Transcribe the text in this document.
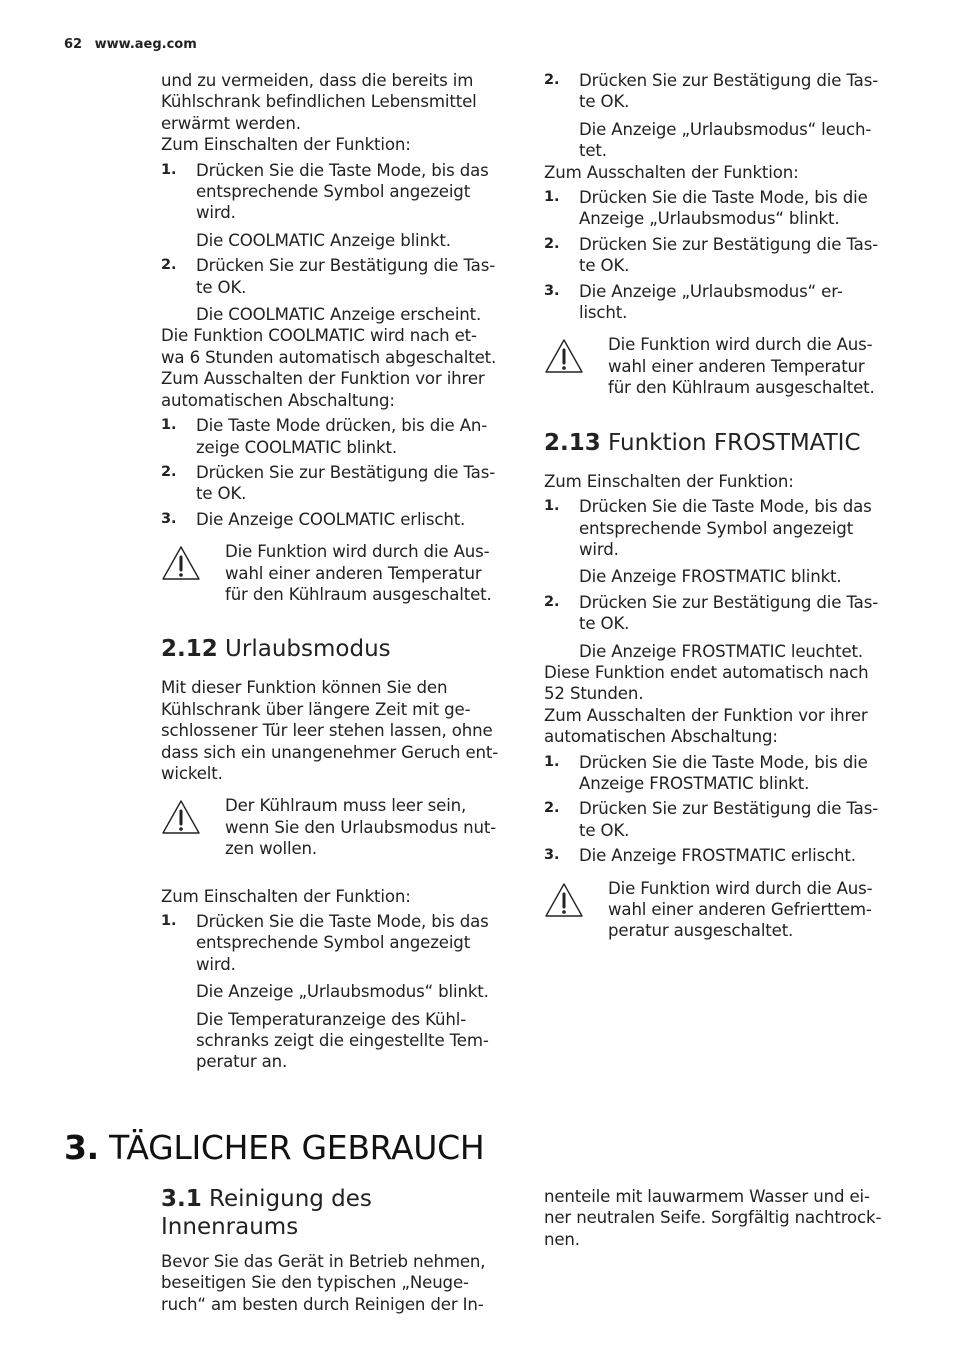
62 www.aeg.com

und zu vermeiden, dass die bereits im
Kühlschrank befindlichen Lebensmittel
erwärmt werden.
Zum Einschalten der Funktion:

1. Drücken Sie die Taste Mode, bis das
entsprechende Symbol angezeigt
wird.
Die COOLMATIC Anzeige blinkt.
2. Drücken Sie zur Bestätigung die Tas-
te OK.
Die COOLMATIC Anzeige erscheint.

Die Funktion COOLMATIC wird nach et-
wa 6 Stunden automatisch abgeschaltet.
Zum Ausschalten der Funktion vor ihrer
automatischen Abschaltung:

1. Die Taste Mode drücken, bis die An-
zeige COOLMATIC blinkt.
2. Drücken Sie zur Bestätigung die Tas-
te OK.
3. Die Anzeige COOLMATIC erlischt.
Die Funktion wird durch die Aus-
wahl einer anderen Temperatur
für den Kühlraum ausgeschaltet.
2.12 Urlaubsmodus

Mit dieser Funktion können Sie den
Kühlschrank über längere Zeit mit ge-
schlossener Tür leer stehen lassen, ohne
dass sich ein unangenehmer Geruch ent-
wickelt.

Der Kühlraum muss leer sein,
wenn Sie den Urlaubsmodus nut-
zen wollen.

Zum Einschalten der Funktion:

1. Drücken Sie die Taste Mode, bis das
entsprechende Symbol angezeigt
wird.
Die Anzeige „Urlaubsmodus“ blinkt.
Die Temperaturanzeige des Kühl-
schranks zeigt die eingestellte Tem-
peratur an.
2. Drücken Sie zur Bestätigung die Tas-
te OK.
Die Anzeige „Urlaubsmodus“ leuch-
tet.

Zum Ausschalten der Funktion:

1. Drücken Sie die Taste Mode, bis die
Anzeige „Urlaubsmodus“ blinkt.
2. Drücken Sie zur Bestätigung die Tas-
te OK.
3. Die Anzeige „Urlaubsmodus“ er-
lischt.
Die Funktion wird durch die Aus-
wahl einer anderen Temperatur
für den Kühlraum ausgeschaltet.
2.13 Funktion FROSTMATIC

Zum Einschalten der Funktion:

1. Drücken Sie die Taste Mode, bis das
entsprechende Symbol angezeigt
wird.
Die Anzeige FROSTMATIC blinkt.
2. Drücken Sie zur Bestätigung die Tas-
te OK.
Die Anzeige FROSTMATIC leuchtet.

Diese Funktion endet automatisch nach
52 Stunden.
Zum Ausschalten der Funktion vor ihrer
automatischen Abschaltung:

1. Drücken Sie die Taste Mode, bis die
Anzeige FROSTMATIC blinkt.
2. Drücken Sie zur Bestätigung die Tas-
te OK.
3. Die Anzeige FROSTMATIC erlischt.
Die Funktion wird durch die Aus-
wahl einer anderen Gefrierttem-
peratur ausgeschaltet.
3. TÄGLICHER GEBRAUCH
3.1 Reinigung des Innenraums

Bevor Sie das Gerät in Betrieb nehmen,
beseitigen Sie den typischen „Neuge-
ruch“ am besten durch Reinigen der In-

nenteile mit lauwarmem Wasser und ei-
ner neutralen Seife. Sorgfältig nachtrock-
nen.
